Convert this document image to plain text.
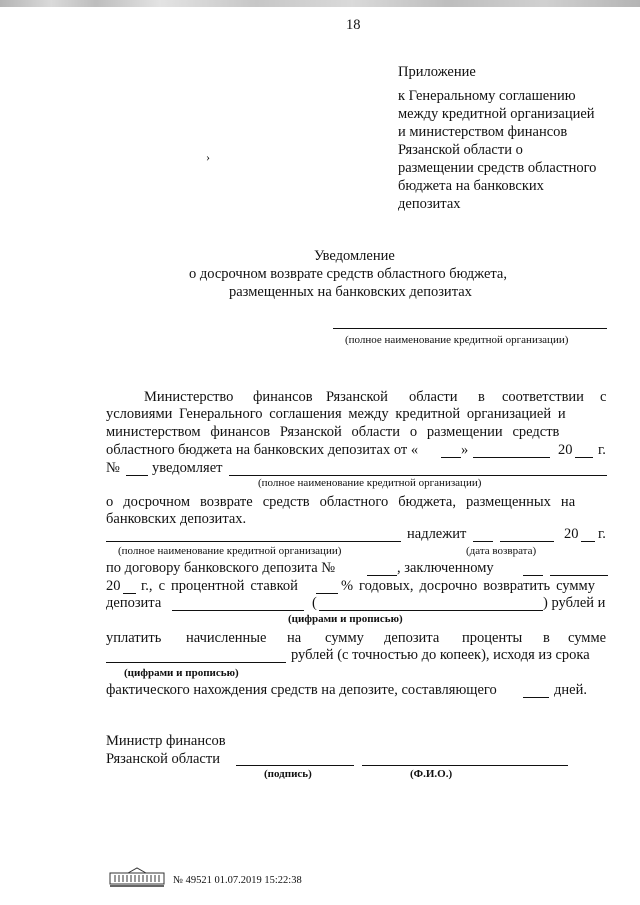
18
Приложение
к Генеральному соглашению
между кредитной организацией
и министерством финансов
Рязанской области о
размещении средств областного
бюджета на банковских
депозитах
›
Уведомление
о досрочном возврате средств областного бюджета,
размещенных на банковских депозитах
(полное наименование кредитной организации)
Министерство финансов Рязанской области в соответствии с
условиями Генерального соглашения между кредитной организацией и
министерством финансов Рязанской области о размещении средств
областного бюджета на банковских депозитах от «	»	20 г.
№ уведомляет
(полное наименование кредитной организации)
о досрочном возврате средств областного бюджета, размещенных на
банковских депозитах.
надлежит	20 г.
(полное наименование кредитной организации)	(дата возврата)
по договору банковского депозита №	, заключенному
20 г., с процентной ставкой	% годовых, досрочно возвратить сумму
депозита	(	) рублей и
(цифрами и прописью)
уплатить начисленные на сумму депозита проценты в сумме
рублей (с точностью до копеек), исходя из срока
(цифрами и прописью)
фактического нахождения средств на депозите, составляющего	дней.
Министр финансов
Рязанской области
(подпись)	(Ф.И.О.)
№ 49521 01.07.2019 15:22:38
